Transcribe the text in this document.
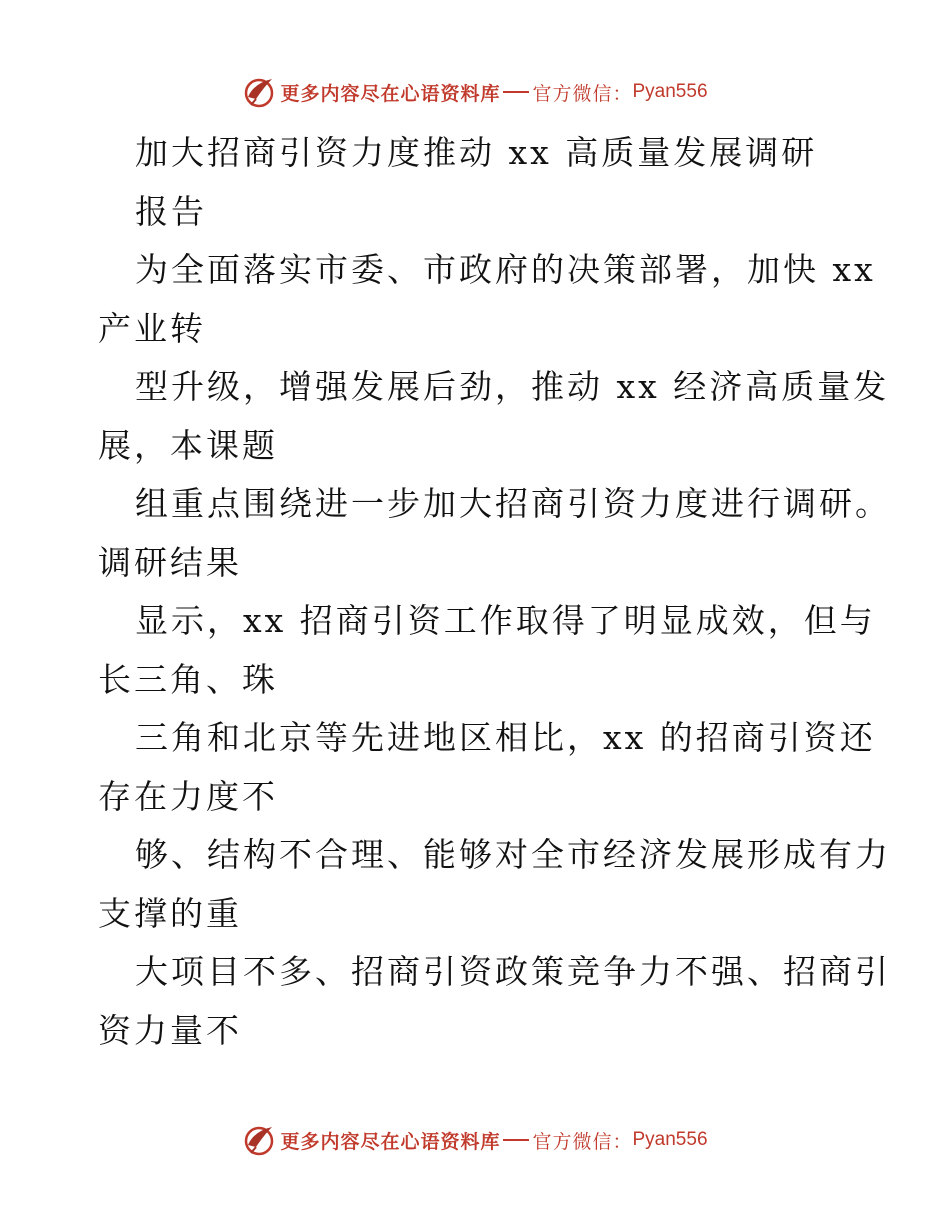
更多内容尽在心语资料库 官方微信： Pyan556
加大招商引资力度推动 xx 高质量发展调研
报告
为全面落实市委、市政府的决策部署，加快 xx
产业转
型升级，增强发展后劲，推动 xx 经济高质量发
展，本课题
组重点围绕进一步加大招商引资力度进行调研。
调研结果
显示，xx 招商引资工作取得了明显成效，但与
长三角、珠
三角和北京等先进地区相比，xx 的招商引资还
存在力度不
够、结构不合理、能够对全市经济发展形成有力
支撑的重
大项目不多、招商引资政策竞争力不强、招商引
资力量不
更多内容尽在心语资料库 官方微信： Pyan556
